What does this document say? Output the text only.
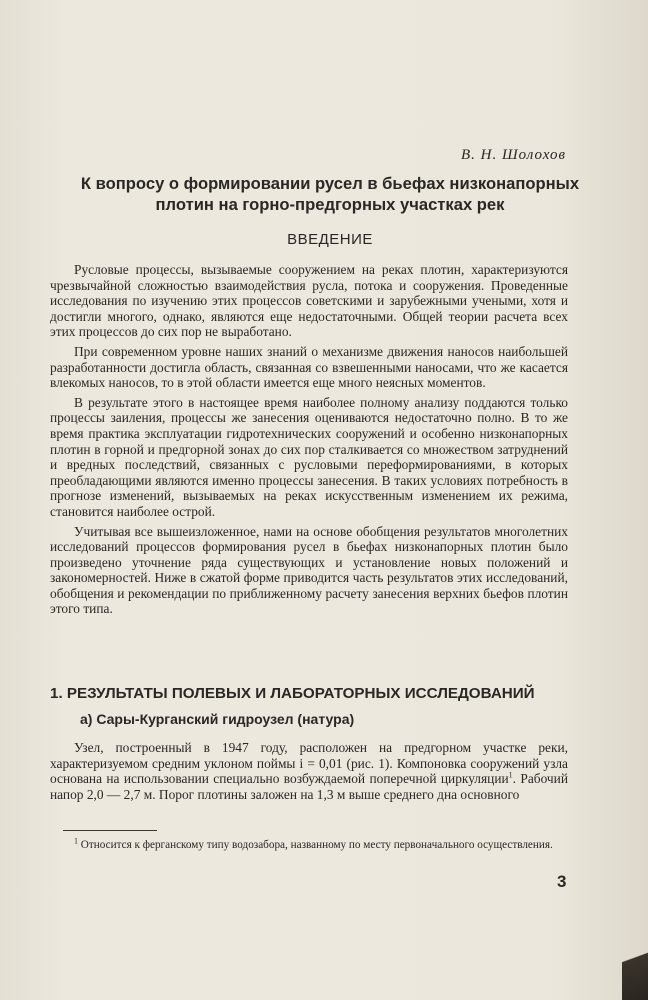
В. Н. Шолохов
К вопросу о формировании русел в бьефах низконапорных плотин на горно-предгорных участках рек
ВВЕДЕНИЕ

Русловые процессы, вызываемые сооружением на реках плотин, характеризуются чрезвычайной сложностью взаимодействия русла, потока и сооружения. Проведенные исследования по изучению этих процессов советскими и зарубежными учеными, хотя и достигли многого, однако, являются еще недостаточными. Общей теории расчета всех этих процессов до сих пор не выработано.

При современном уровне наших знаний о механизме движения наносов наибольшей разработанности достигла область, связанная со взвешенными наносами, что же касается влекомых наносов, то в этой области имеется еще много неясных моментов.

В результате этого в настоящее время наиболее полному анализу поддаются только процессы заиления, процессы же занесения оцениваются недостаточно полно. В то же время практика эксплуатации гидротехнических сооружений и особенно низконапорных плотин в горной и предгорной зонах до сих пор сталкивается со множеством затруднений и вредных последствий, связанных с русловыми переформированиями, в которых преобладающими являются именно процессы занесения. В таких условиях потребность в прогнозе изменений, вызываемых на реках искусственным изменением их режима, становится наиболее острой.

Учитывая все вышеизложенное, нами на основе обобщения результатов многолетних исследований процессов формирования русел в бьефах низконапорных плотин было произведено уточнение ряда существующих и установление новых положений и закономерностей. Ниже в сжатой форме приводится часть результатов этих исследований, обобщения и рекомендации по приближенному расчету занесения верхних бьефов плотин этого типа.

1. РЕЗУЛЬТАТЫ ПОЛЕВЫХ И ЛАБОРАТОРНЫХ ИССЛЕДОВАНИЙ
а) Сары-Курганский гидроузел (натура)

Узел, построенный в 1947 году, расположен на предгорном участке реки, характеризуемом средним уклоном поймы i = 0,01 (рис. 1). Компоновка сооружений узла основана на использовании специально возбуждаемой поперечной циркуляции$^1$. Рабочий напор 2,0 — 2,7 м. Порог плотины заложен на 1,3 м выше среднего дна основного

$^1$ Относится к ферганскому типу водозабора, названному по месту первоначального осуществления.
3
